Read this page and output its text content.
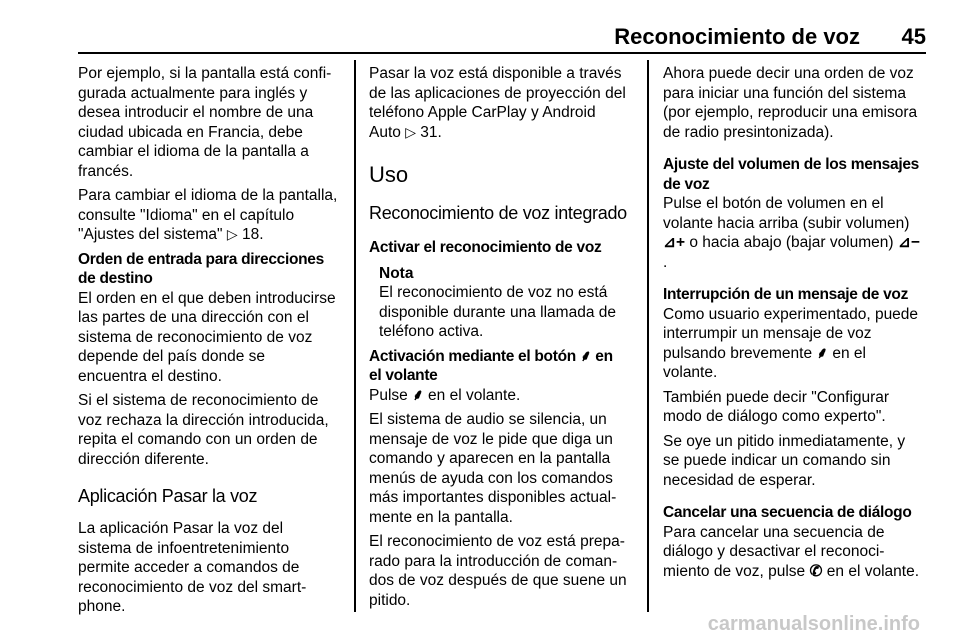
Reconocimiento de voz 45

Por ejemplo, si la pantalla está confi-gurada actualmente para inglés y desea introducir el nombre de una ciudad ubicada en Francia, debe cambiar el idioma de la pantalla a francés.

Para cambiar el idioma de la pantalla, consulte "Idioma" en el capítulo "Ajustes del sistema" ▷ 18.

Orden de entrada para direcciones de destino

El orden en el que deben introducirse las partes de una dirección con el sistema de reconocimiento de voz depende del país donde se encuentra el destino.

Si el sistema de reconocimiento de voz rechaza la dirección introducida, repita el comando con un orden de dirección diferente.

Aplicación Pasar la voz

La aplicación Pasar la voz del sistema de infoentretenimiento permite acceder a comandos de reconocimiento de voz del smart-phone.

Pasar la voz está disponible a través de las aplicaciones de proyección del teléfono Apple CarPlay y Android Auto ▷ 31.

Uso
Reconocimiento de voz integrado
Activar el reconocimiento de voz
Nota

El reconocimiento de voz no está disponible durante una llamada de teléfono activa.

Activación mediante el botón ⸙ en el volante

Pulse ⸙ en el volante.

El sistema de audio se silencia, un mensaje de voz le pide que diga un comando y aparecen en la pantalla menús de ayuda con los comandos más importantes disponibles actual-mente en la pantalla.

El reconocimiento de voz está prepa-rado para la introducción de coman-dos de voz después de que suene un pitido.

Ahora puede decir una orden de voz para iniciar una función del sistema (por ejemplo, reproducir una emisora de radio presintonizada).

Ajuste del volumen de los mensajes de voz

Pulse el botón de volumen en el volante hacia arriba (subir volumen) ⊿+ o hacia abajo (bajar volumen) ⊿−.

Interrupción de un mensaje de voz

Como usuario experimentado, puede interrumpir un mensaje de voz pulsando brevemente ⸙ en el volante.

También puede decir "Configurar modo de diálogo como experto".

Se oye un pitido inmediatamente, y se puede indicar un comando sin necesidad de esperar.

Cancelar una secuencia de diálogo

Para cancelar una secuencia de diálogo y desactivar el reconoci-miento de voz, pulse ✆ en el volante.

carmanualsonline.info
